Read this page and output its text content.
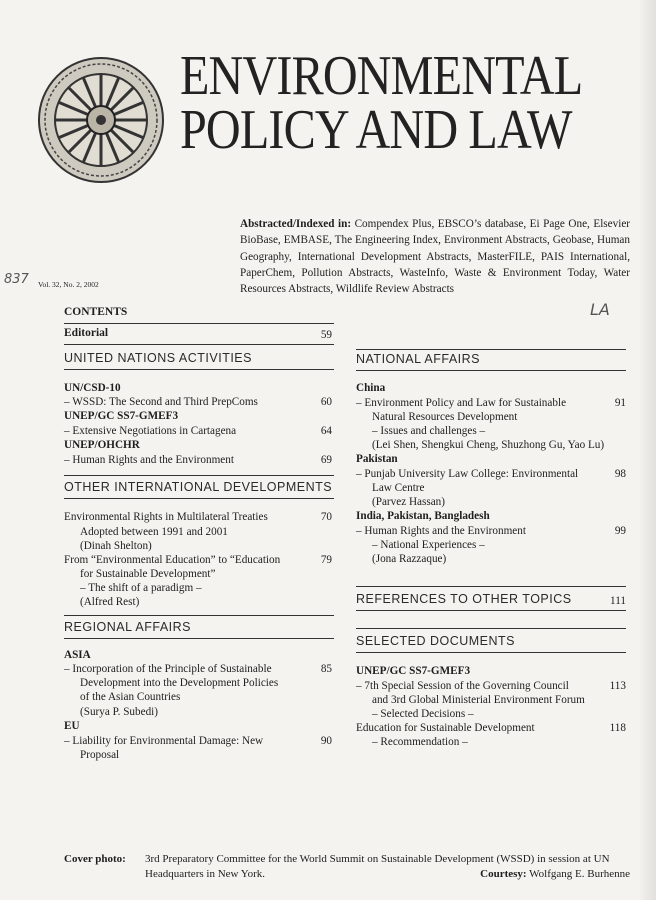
ENVIRONMENTAL
POLICY AND LAW
Abstracted/Indexed in: Compendex Plus, EBSCO’s database, Ei Page One, Elsevier BioBase, EMBASE, The Engineering Index, Environment Abstracts, Geobase, Human Geography, International Development Abstracts, MasterFILE, PAIS International, PaperChem, Pollution Abstracts, WasteInfo, Waste & Environment Today, Water Resources Abstracts, Wildlife Review Abstracts
837 Vol. 32, No. 2, 2002
LA
CONTENTS
Editorial	59
UNITED NATIONS ACTIVITIES
UN/CSD-10
– WSSD: The Second and Third PrepComs	60
UNEP/GC SS7-GMEF3
– Extensive Negotiations in Cartagena	64
UNEP/OHCHR
– Human Rights and the Environment	69
OTHER INTERNATIONAL DEVELOPMENTS
Environmental Rights in Multilateral Treaties	70
Adopted between 1991 and 2001
(Dinah Shelton)
From “Environmental Education” to “Education	79
for Sustainable Development”
– The shift of a paradigm –
(Alfred Rest)
REGIONAL AFFAIRS
ASIA
– Incorporation of the Principle of Sustainable	85
Development into the Development Policies
of the Asian Countries
(Surya P. Subedi)
EU
– Liability for Environmental Damage: New	90
Proposal
NATIONAL AFFAIRS
China
– Environment Policy and Law for Sustainable	91
Natural Resources Development
– Issues and challenges –
(Lei Shen, Shengkui Cheng, Shuzhong Gu, Yao Lu)
Pakistan
– Punjab University Law College: Environmental	98
Law Centre
(Parvez Hassan)
India, Pakistan, Bangladesh
– Human Rights and the Environment	99
– National Experiences –
(Jona Razzaque)
REFERENCES TO OTHER TOPICS	111
SELECTED DOCUMENTS
UNEP/GC SS7-GMEF3
– 7th Special Session of the Governing Council	113
and 3rd Global Ministerial Environment Forum
– Selected Decisions –
Education for Sustainable Development	118
– Recommendation –
Cover photo: 3rd Preparatory Committee for the World Summit on Sustainable Development (WSSD) in session at UN
Headquarters in New York.	Courtesy: Wolfgang E. Burhenne
